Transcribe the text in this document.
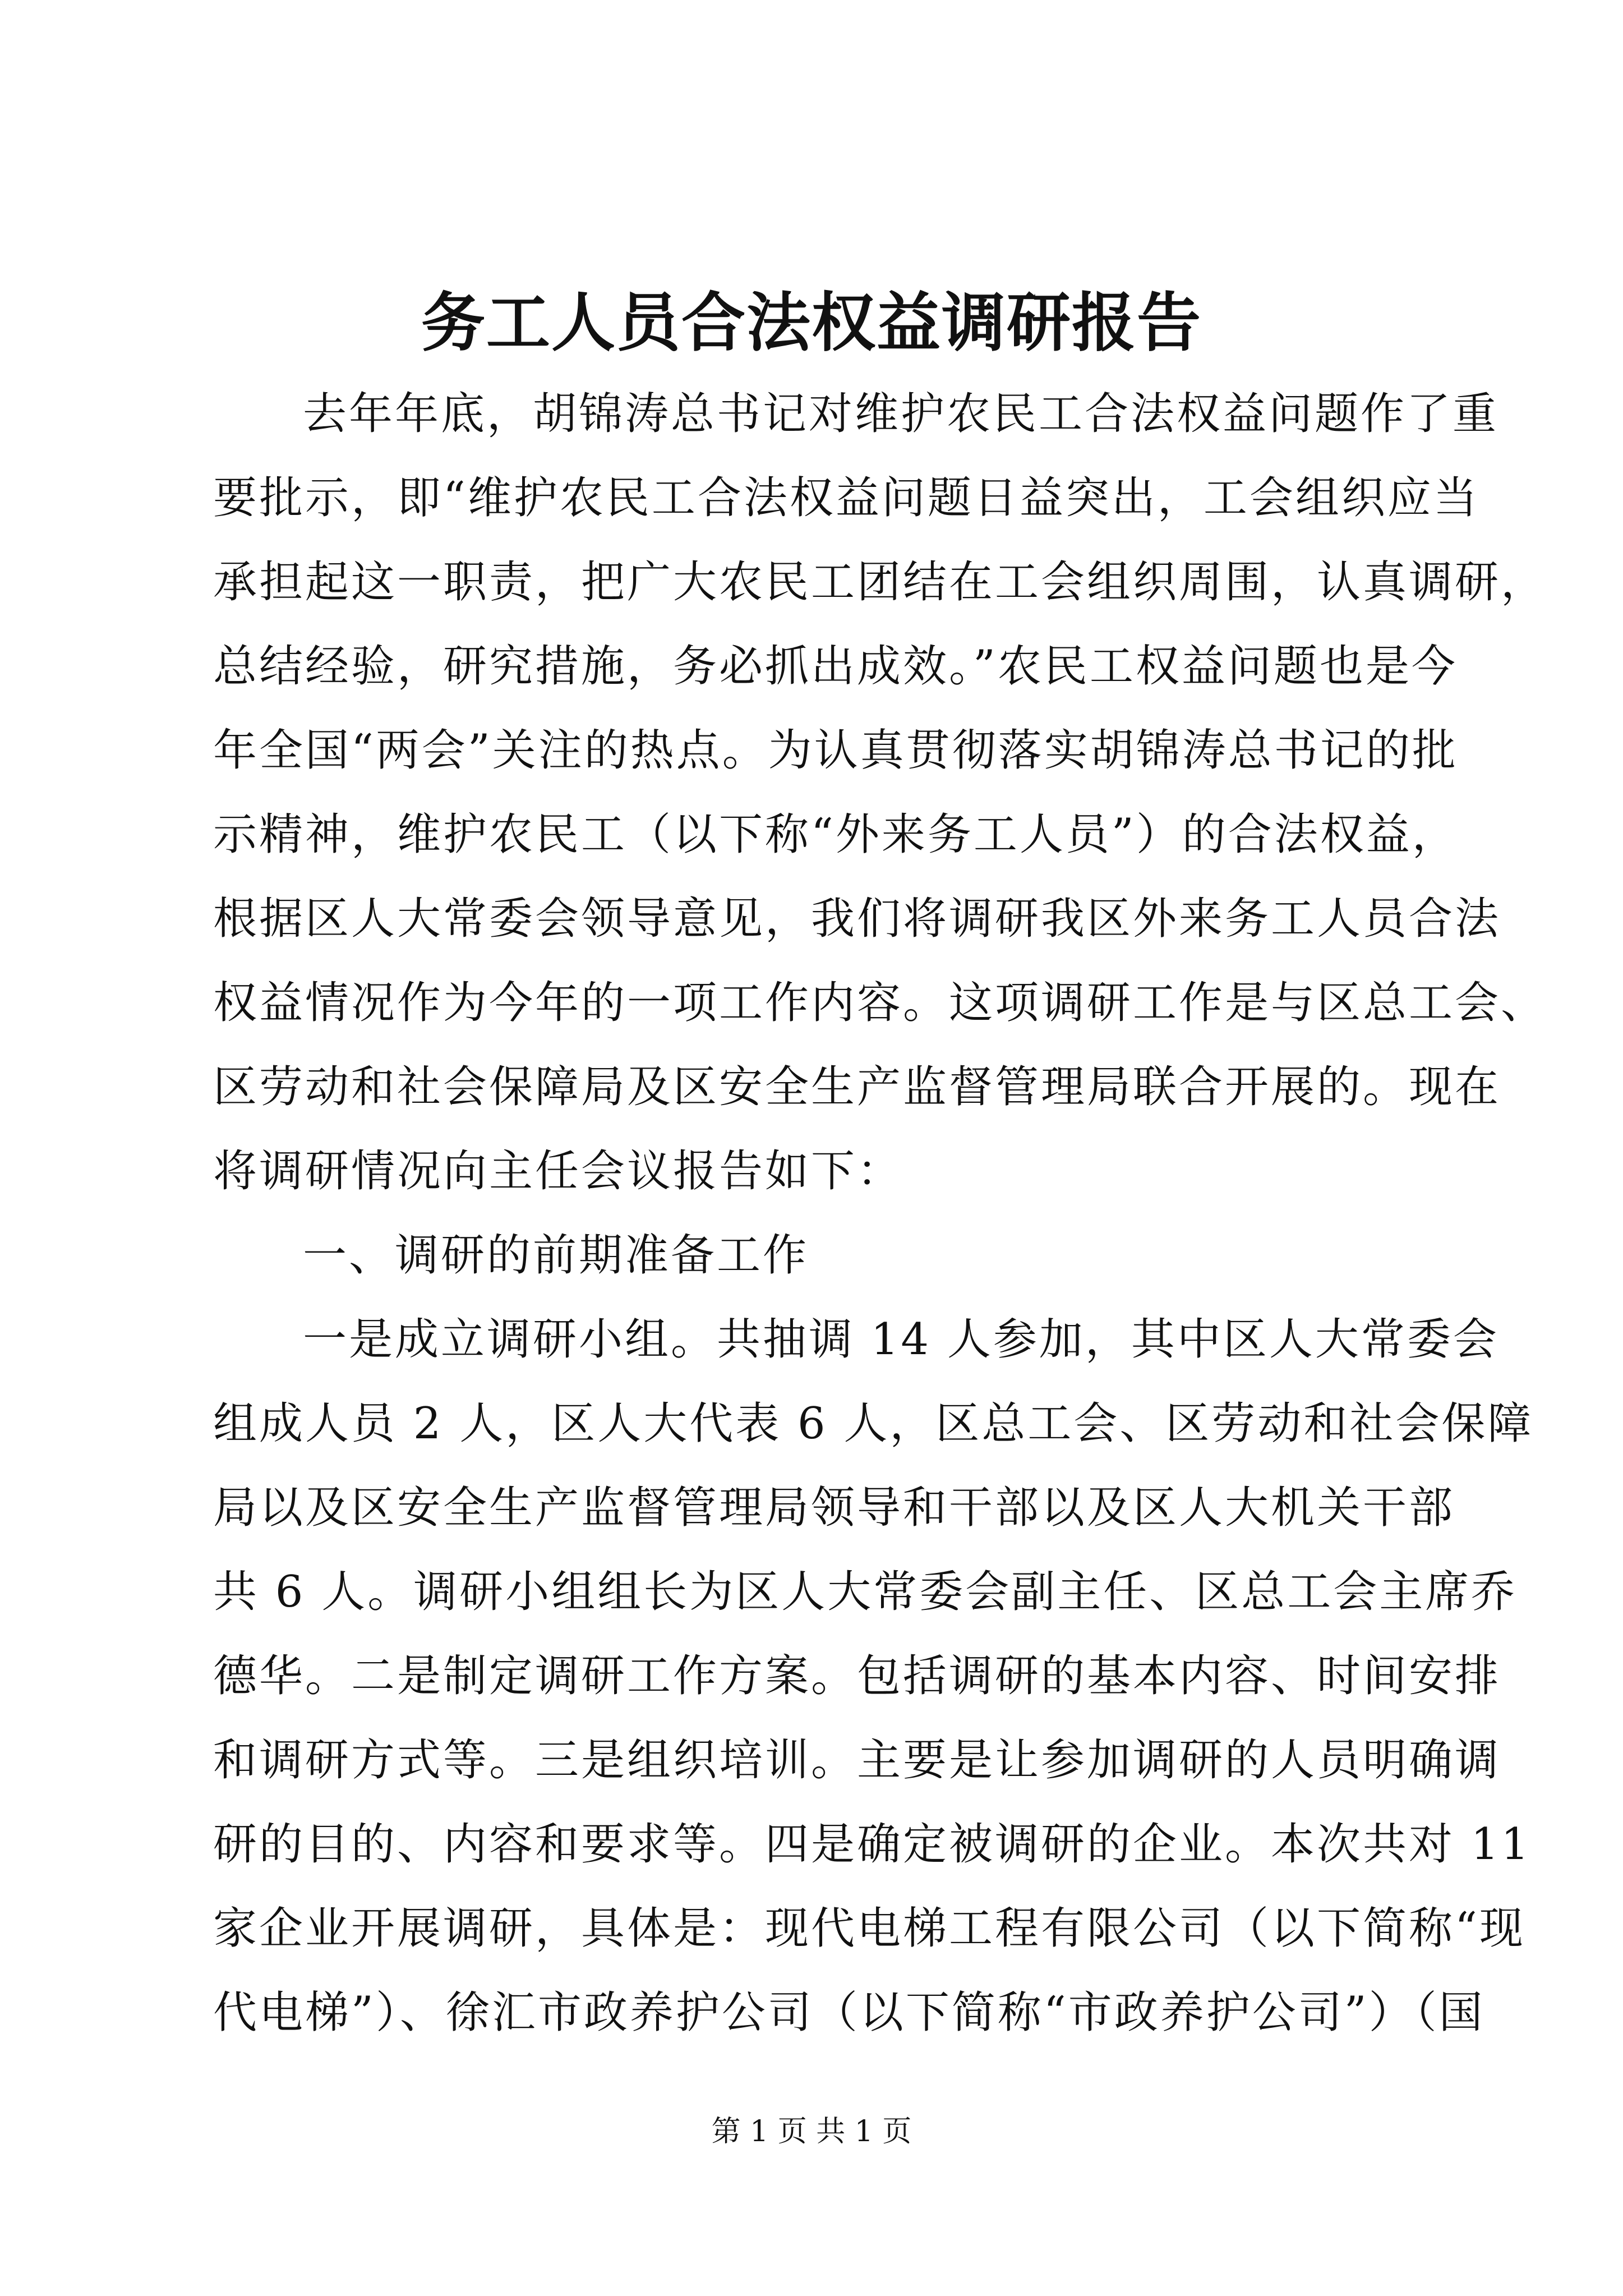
务工人员合法权益调研报告
去年年底，胡锦涛总书记对维护农民工合法权益问题作了重
要批示，即“维护农民工合法权益问题日益突出，工会组织应当
承担起这一职责，把广大农民工团结在工会组织周围，认真调研，
总结经验，研究措施，务必抓出成效。”农民工权益问题也是今
年全国“两会”关注的热点。为认真贯彻落实胡锦涛总书记的批
示精神，维护农民工（以下称“外来务工人员”）的合法权益，
根据区人大常委会领导意见，我们将调研我区外来务工人员合法
权益情况作为今年的一项工作内容。这项调研工作是与区总工会、
区劳动和社会保障局及区安全生产监督管理局联合开展的。现在
将调研情况向主任会议报告如下：
一、调研的前期准备工作
一是成立调研小组。共抽调 14 人参加，其中区人大常委会
组成人员 2 人，区人大代表 6 人，区总工会、区劳动和社会保障
局以及区安全生产监督管理局领导和干部以及区人大机关干部
共 6 人。调研小组组长为区人大常委会副主任、区总工会主席乔
德华。二是制定调研工作方案。包括调研的基本内容、时间安排
和调研方式等。三是组织培训。主要是让参加调研的人员明确调
研的目的、内容和要求等。四是确定被调研的企业。本次共对 11
家企业开展调研，具体是：现代电梯工程有限公司（以下简称“现
代电梯”）、徐汇市政养护公司（以下简称“市政养护公司”）（国
第 1 页 共 1 页
